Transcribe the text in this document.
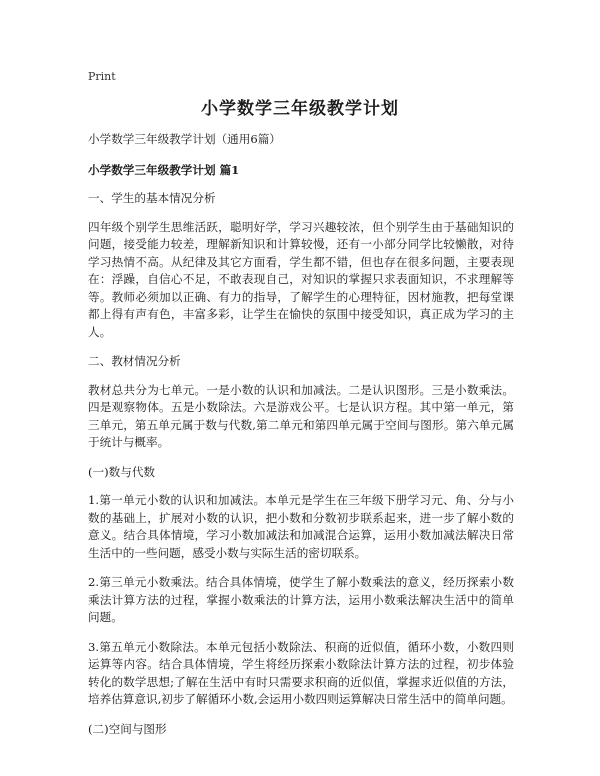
Print
小学数学三年级教学计划

小学数学三年级教学计划（通用6篇）

小学数学三年级教学计划 篇1

一、学生的基本情况分析

四年级个别学生思维活跃，聪明好学，学习兴趣较浓，但个别学生由于基础知识的问题，接受能力较差，理解新知识和计算较慢，还有一小部分同学比较懒散，对待学习热情不高。从纪律及其它方面看，学生都不错，但也存在很多问题，主要表现在：浮躁，自信心不足，不敢表现自己，对知识的掌握只求表面知识，不求理解等等。教师必须加以正确、有力的指导，了解学生的心理特征，因材施教，把每堂课都上得有声有色，丰富多彩，让学生在愉快的氛围中接受知识，真正成为学习的主人。

二、教材情况分析

教材总共分为七单元。一是小数的认识和加减法。二是认识图形。三是小数乘法。四是观察物体。五是小数除法。六是游戏公平。七是认识方程。其中第一单元，第三单元，第五单元属于数与代数,第二单元和第四单元属于空间与图形。第六单元属于统计与概率。

(一)数与代数

1.第一单元小数的认识和加减法。本单元是学生在三年级下册学习元、角、分与小数的基础上，扩展对小数的认识，把小数和分数初步联系起来，进一步了解小数的意义。结合具体情境，学习小数加减法和加减混合运算，运用小数加减法解决日常生活中的一些问题，感受小数与实际生活的密切联系。

2.第三单元小数乘法。结合具体情境，使学生了解小数乘法的意义，经历探索小数乘法计算方法的过程，掌握小数乘法的计算方法，运用小数乘法解决生活中的简单问题。

3.第五单元小数除法。本单元包括小数除法、积商的近似值，循环小数，小数四则运算等内容。结合具体情境，学生将经历探索小数除法计算方法的过程，初步体验转化的数学思想;了解在生活中有时只需要求积商的近似值，掌握求近似值的方法，培养估算意识,初步了解循环小数,会运用小数四则运算解决日常生活中的简单问题。

(二)空间与图形
